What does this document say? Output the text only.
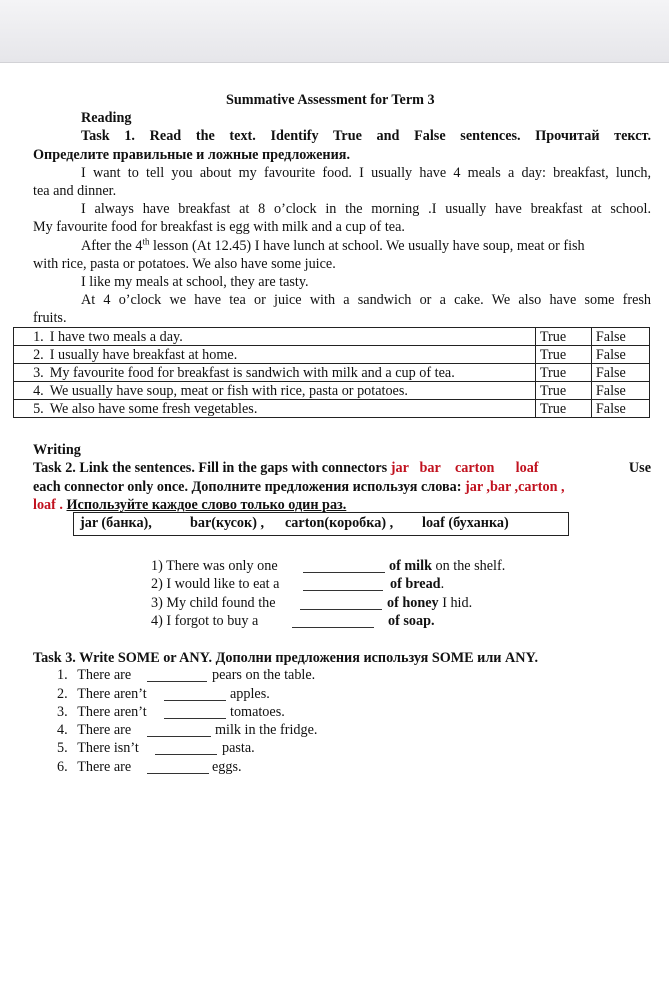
Summative Assessment for Term 3
Reading
Task 1. Read the text. Identify True and False sentences. Прочитай текст.
Определите правильные и ложные предложения.
I want to tell you about my favourite food. I usually have 4 meals a day: breakfast, lunch,
tea and dinner.
I always have breakfast at 8 o’clock in the morning .I usually have breakfast at school.
My favourite food for breakfast is egg with milk and a cup of tea.
After the 4th lesson (At 12.45) I have lunch at school. We usually have soup, meat or fish
with rice, pasta or potatoes. We also have some juice.
I like my meals at school, they are tasty.
At 4 o’clock we have tea or juice with a sandwich or a cake. We also have some fresh
fruits.
1.	I have two meals a day.	True	False
2.	I usually have breakfast at home.	True	False
3.	My favourite food for breakfast is sandwich with milk and a cup of tea.	True	False
4.	We usually have soup, meat or fish with rice, pasta or potatoes.	True	False
5.	We also have some fresh vegetables.	True	False
Writing
Task 2. Link the sentences. Fill in the gaps with connectors jar bar carton loaf	Use
each connector only once. Дополните предложения используя слова: jar ,bar ,carton ,
loaf . Используйте каждое слово только один раз.
jar (банка),	bar(кусок) , carton(коробка) , loaf (буханка)
1) There was only one	of milk on the shelf.
2) I would like to eat a	of bread.
3) My child found the	of honey I hid.
4) I forgot to buy a	of soap.
Task 3. Write SOME or ANY. Дополни предложения используя SOME или ANY.
1. There are	pears on the table.
2. There aren’t	apples.
3. There aren’t	tomatoes.
4. There are	milk in the fridge.
5. There isn’t	pasta.
6. There are	eggs.
